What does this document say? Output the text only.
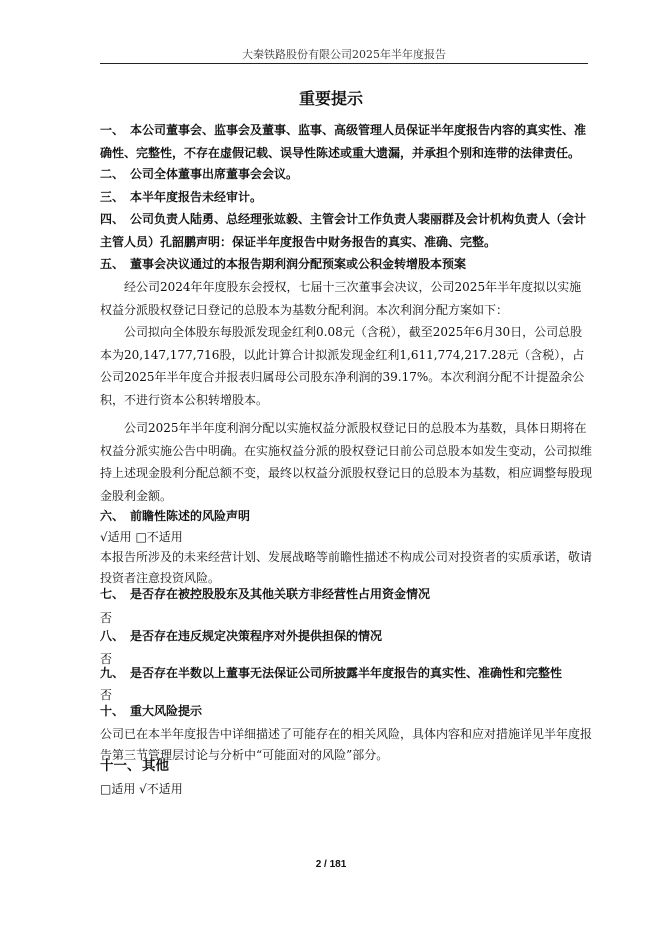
大秦铁路股份有限公司2025年半年度报告
重要提示
一、 本公司董事会、监事会及董事、监事、高级管理人员保证半年度报告内容的真实性、准确性、完整性，不存在虚假记载、误导性陈述或重大遗漏，并承担个别和连带的法律责任。
二、 公司全体董事出席董事会会议。
三、 本半年度报告未经审计。
四、 公司负责人陆勇、总经理张竑毅、主管会计工作负责人裴丽群及会计机构负责人（会计主管人员）孔韶鹏声明：保证半年度报告中财务报告的真实、准确、完整。
五、 董事会决议通过的本报告期利润分配预案或公积金转增股本预案
经公司2024年年度股东会授权，七届十三次董事会决议，公司2025年半年度拟以实施权益分派股权登记日登记的总股本为基数分配利润。本次利润分配方案如下：
公司拟向全体股东每股派发现金红利0.08元（含税），截至2025年6月30日，公司总股本为20,147,177,716股，以此计算合计拟派发现金红利1,611,774,217.28元（含税），占公司2025年半年度合并报表归属母公司股东净利润的39.17%。本次利润分配不计提盈余公积，不进行资本公积转增股本。
公司2025年半年度利润分配以实施权益分派股权登记日的总股本为基数，具体日期将在权益分派实施公告中明确。在实施权益分派的股权登记日前公司总股本如发生变动，公司拟维持上述现金股利分配总额不变，最终以权益分派股权登记日的总股本为基数，相应调整每股现金股利金额。
六、 前瞻性陈述的风险声明
√适用 □不适用
本报告所涉及的未来经营计划、发展战略等前瞻性描述不构成公司对投资者的实质承诺，敬请投资者注意投资风险。
七、 是否存在被控股股东及其他关联方非经营性占用资金情况
否
八、 是否存在违反规定决策程序对外提供担保的情况
否
九、 是否存在半数以上董事无法保证公司所披露半年度报告的真实性、准确性和完整性
否
十、 重大风险提示
公司已在本半年度报告中详细描述了可能存在的相关风险，具体内容和应对措施详见半年度报告第三节管理层讨论与分析中“可能面对的风险”部分。
十一、 其他
□适用 √不适用
2 / 181
